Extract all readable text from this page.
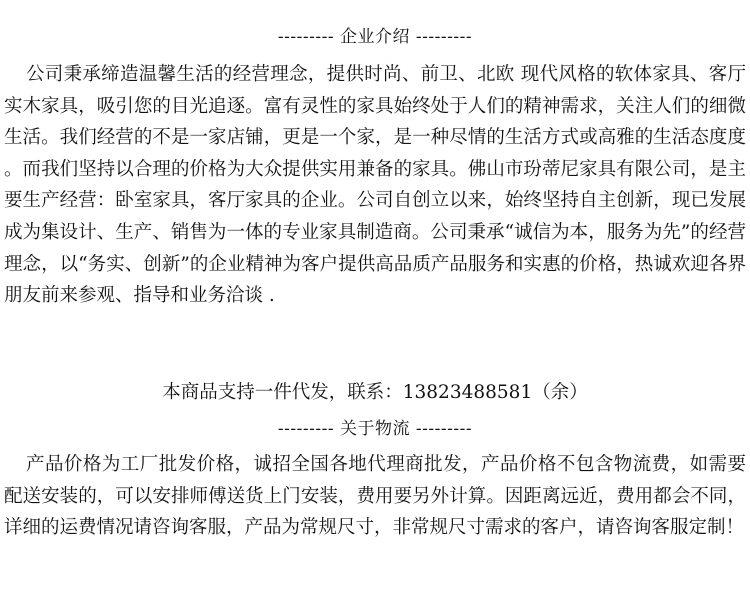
--------- 企业介绍 ---------

公司秉承缔造温馨生活的经营理念，提供时尚、前卫、北欧 现代风格的软体家具、客厅实木家具，吸引您的目光追逐。富有灵性的家具始终处于人们的精神需求，关注人们的细微生活。我们经营的不是一家店铺，更是一个家，是一种尽情的生活方式或高雅的生活态度度。而我们坚持以合理的价格为大众提供实用兼备的家具。佛山市玢蒂尼家具有限公司，是主要生产经营：卧室家具，客厅家具的企业。公司自创立以来，始终坚持自主创新，现已发展成为集设计、生产、销售为一体的专业家具制造商。公司秉承“诚信为本，服务为先”的经营理念，以“务实、创新”的企业精神为客户提供高品质产品服务和实惠的价格，热诚欢迎各界朋友前来参观、指导和业务洽谈 .

本商品支持一件代发，联系：13823488581（余）
--------- 关于物流 ---------

产品价格为工厂批发价格，诚招全国各地代理商批发，产品价格不包含物流费，如需要配送安装的，可以安排师傅送货上门安装，费用要另外计算。因距离远近，费用都会不同，详细的运费情况请咨询客服，产品为常规尺寸，非常规尺寸需求的客户，请咨询客服定制！
